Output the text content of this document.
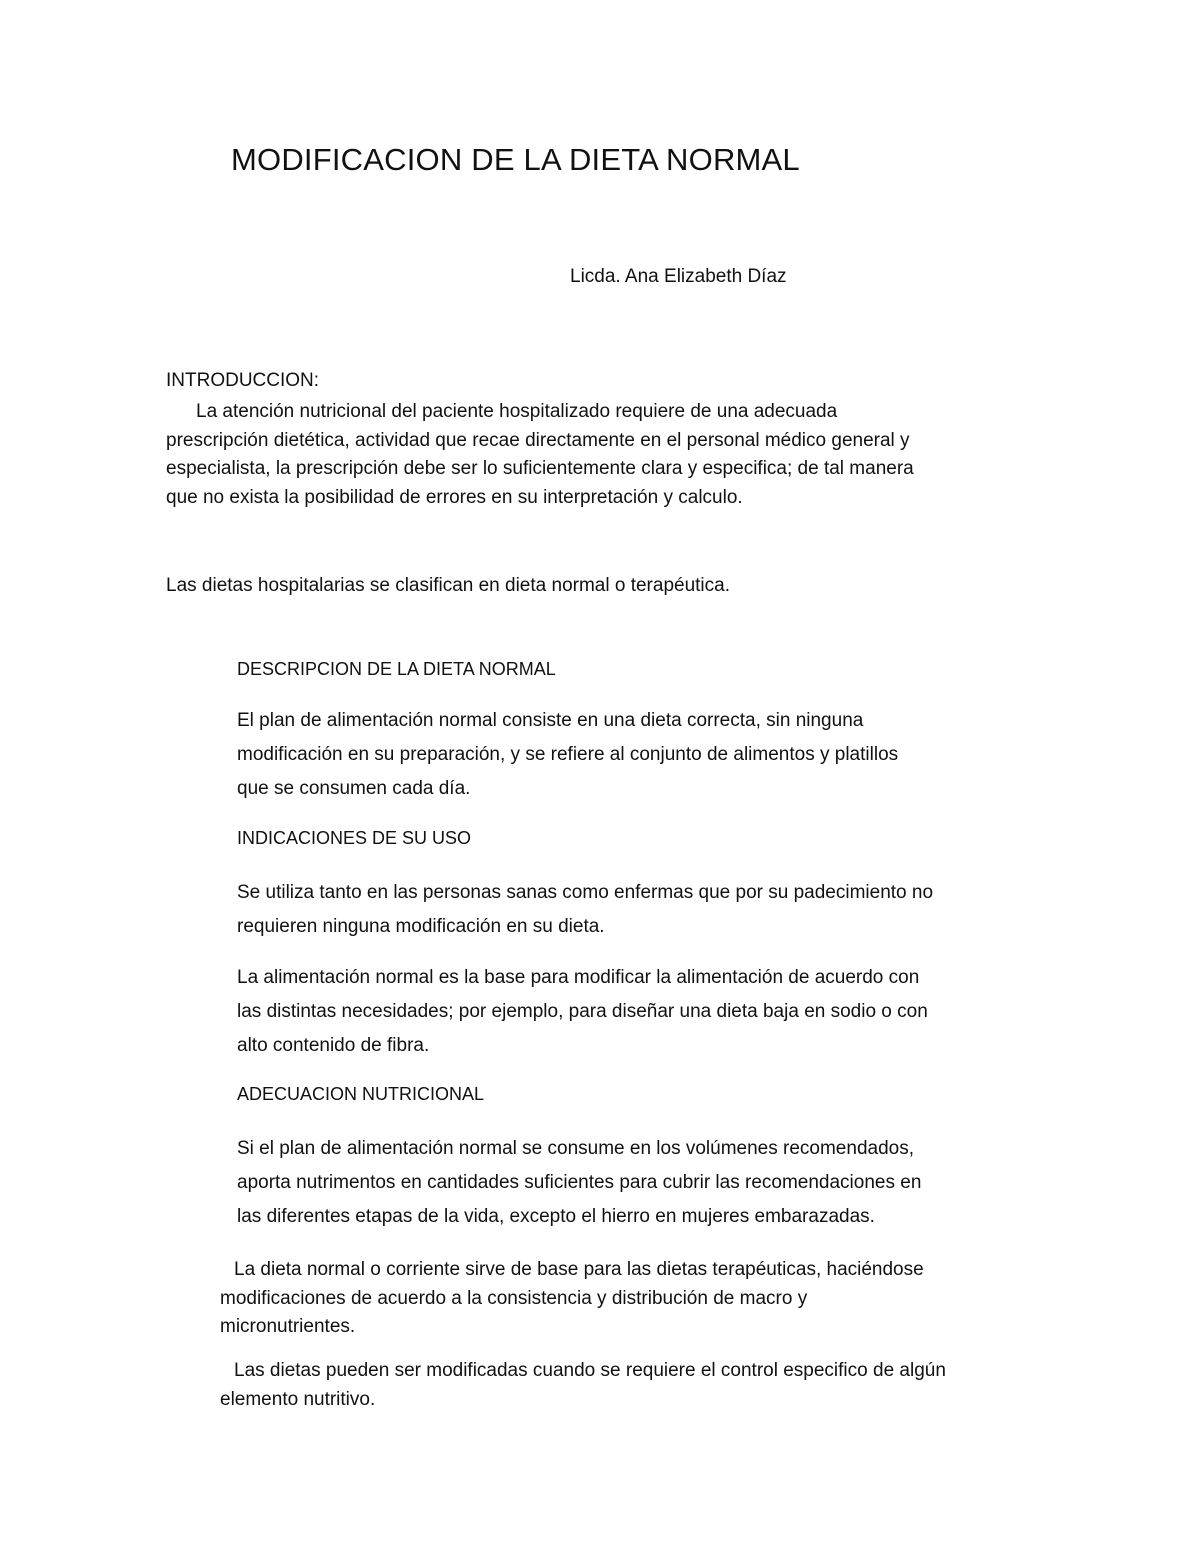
MODIFICACION DE LA DIETA NORMAL
Licda. Ana Elizabeth Díaz
INTRODUCCION:
La atención nutricional del paciente hospitalizado requiere de una adecuada
prescripción dietética, actividad que recae directamente en el personal médico general y
especialista, la prescripción debe ser lo suficientemente clara y especifica; de tal manera
que no exista la posibilidad de errores en su interpretación y calculo.
Las dietas hospitalarias se clasifican en dieta normal o terapéutica.
DESCRIPCION DE LA DIETA NORMAL
El plan de alimentación normal consiste en una dieta correcta, sin ninguna
modificación en su preparación, y se refiere al conjunto de alimentos y platillos
que se consumen cada día.
INDICACIONES DE SU USO
Se utiliza tanto en las personas sanas como enfermas que por su padecimiento no
requieren ninguna modificación en su dieta.
La alimentación normal es la base para modificar la alimentación de acuerdo con
las distintas necesidades; por ejemplo, para diseñar una dieta baja en sodio o con
alto contenido de fibra.
ADECUACION NUTRICIONAL
Si el plan de alimentación normal se consume en los volúmenes recomendados,
aporta nutrimentos en cantidades suficientes para cubrir las recomendaciones en
las diferentes etapas de la vida, excepto el hierro en mujeres embarazadas.
La dieta normal o corriente sirve de base para las dietas terapéuticas, haciéndose
modificaciones de acuerdo a la consistencia y distribución de macro y
micronutrientes.
Las dietas pueden ser modificadas cuando se requiere el control especifico de algún
elemento nutritivo.
